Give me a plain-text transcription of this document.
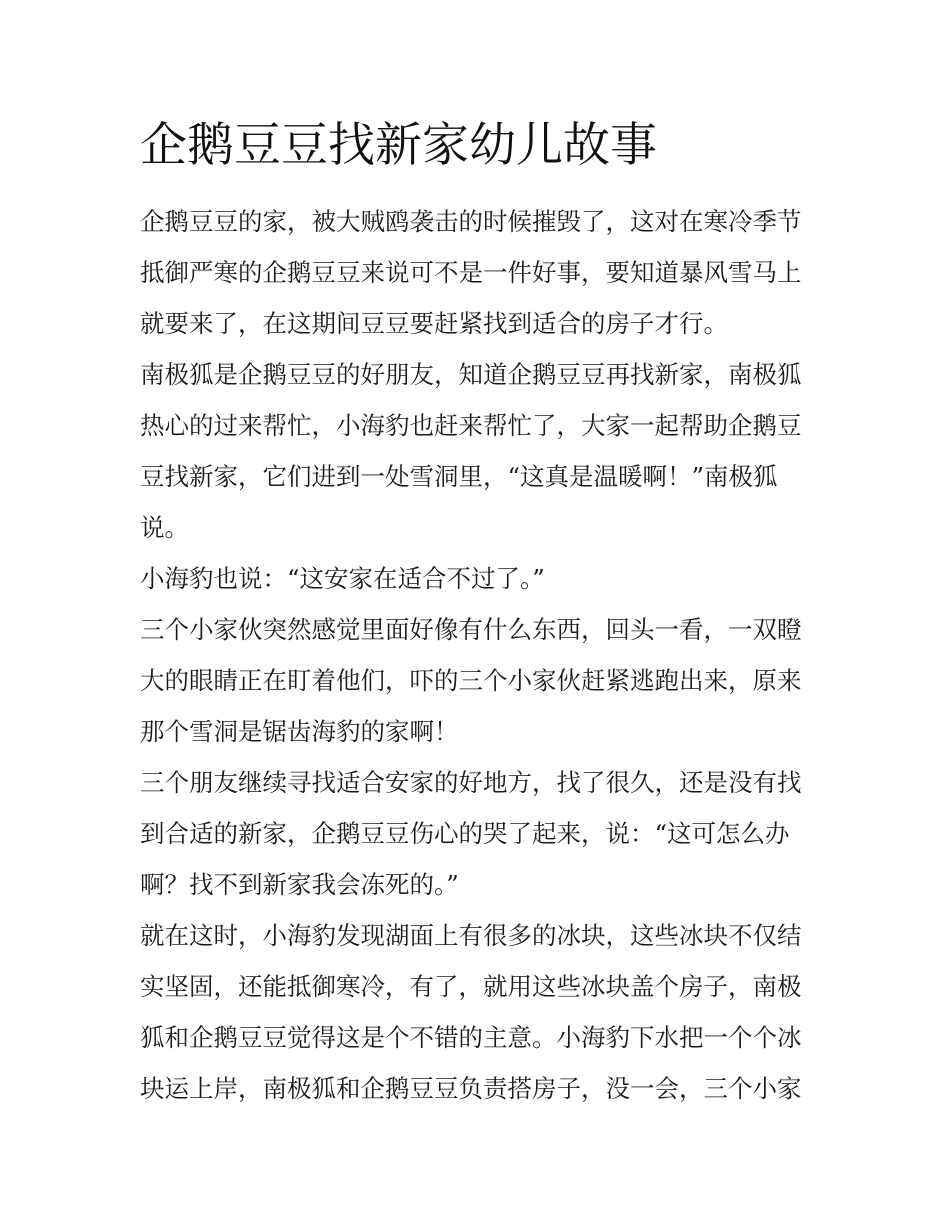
企鹅豆豆找新家幼儿故事
企鹅豆豆的家，被大贼鸥袭击的时候摧毁了，这对在寒冷季节
抵御严寒的企鹅豆豆来说可不是一件好事，要知道暴风雪马上
就要来了，在这期间豆豆要赶紧找到适合的房子才行。
南极狐是企鹅豆豆的好朋友，知道企鹅豆豆再找新家，南极狐
热心的过来帮忙，小海豹也赶来帮忙了，大家一起帮助企鹅豆
豆找新家，它们进到一处雪洞里，“这真是温暖啊！”南极狐
说。
小海豹也说：“这安家在适合不过了。”
三个小家伙突然感觉里面好像有什么东西，回头一看，一双瞪
大的眼睛正在盯着他们，吓的三个小家伙赶紧逃跑出来，原来
那个雪洞是锯齿海豹的家啊！
三个朋友继续寻找适合安家的好地方，找了很久，还是没有找
到合适的新家，企鹅豆豆伤心的哭了起来，说：“这可怎么办
啊？找不到新家我会冻死的。”
就在这时，小海豹发现湖面上有很多的冰块，这些冰块不仅结
实坚固，还能抵御寒冷，有了，就用这些冰块盖个房子，南极
狐和企鹅豆豆觉得这是个不错的主意。小海豹下水把一个个冰
块运上岸，南极狐和企鹅豆豆负责搭房子，没一会，三个小家
